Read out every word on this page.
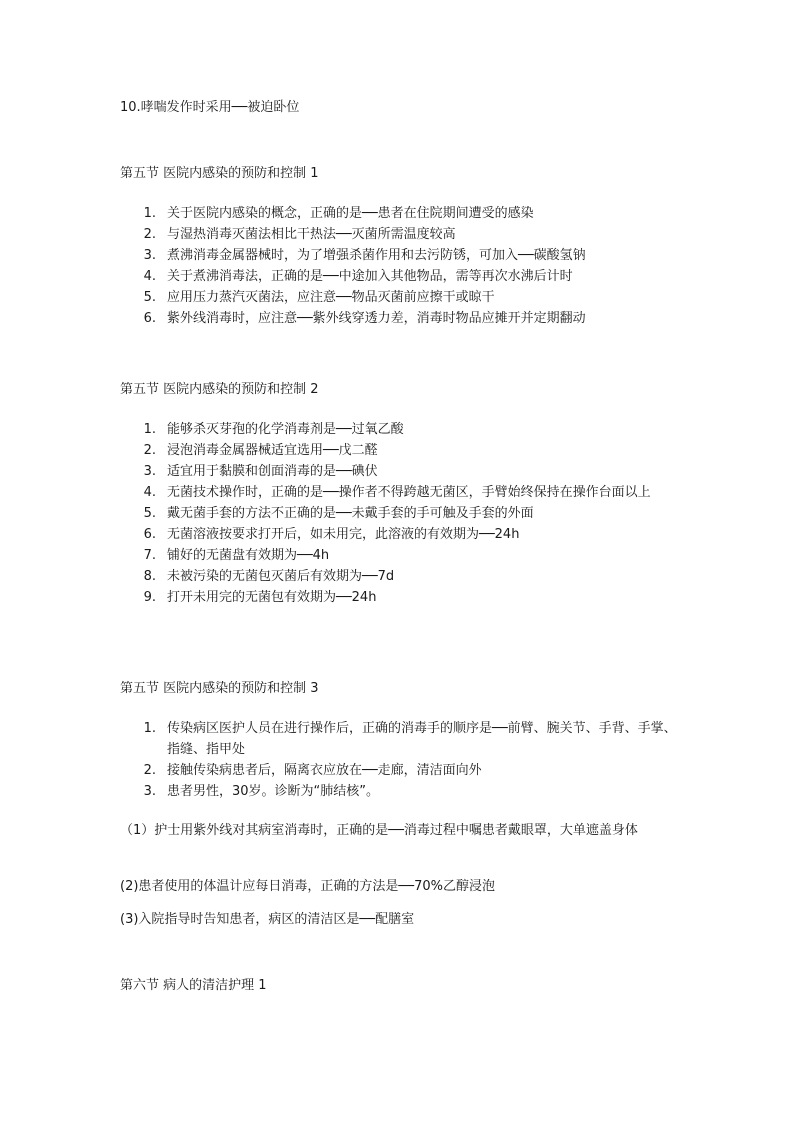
10.哮喘发作时采用──被迫卧位
第五节 医院内感染的预防和控制 1
1. 关于医院内感染的概念，正确的是──患者在住院期间遭受的感染
2. 与湿热消毒灭菌法相比干热法──灭菌所需温度较高
3. 煮沸消毒金属器械时，为了增强杀菌作用和去污防锈，可加入──碳酸氢钠
4. 关于煮沸消毒法，正确的是──中途加入其他物品，需等再次水沸后计时
5. 应用压力蒸汽灭菌法，应注意──物品灭菌前应擦干或晾干
6. 紫外线消毒时，应注意──紫外线穿透力差，消毒时物品应摊开并定期翻动
第五节 医院内感染的预防和控制 2
1. 能够杀灭芽孢的化学消毒剂是──过氧乙酸
2. 浸泡消毒金属器械适宜选用──戊二醛
3. 适宜用于黏膜和创面消毒的是──碘伏
4. 无菌技术操作时，正确的是──操作者不得跨越无菌区，手臂始终保持在操作台面以上
5. 戴无菌手套的方法不正确的是──未戴手套的手可触及手套的外面
6. 无菌溶液按要求打开后，如未用完，此溶液的有效期为──24h
7. 铺好的无菌盘有效期为──4h
8. 未被污染的无菌包灭菌后有效期为──7d
9. 打开未用完的无菌包有效期为──24h
第五节 医院内感染的预防和控制 3
1. 传染病区医护人员在进行操作后，正确的消毒手的顺序是──前臂、腕关节、手背、手掌、指缝、指甲处
2. 接触传染病患者后，隔离衣应放在──走廊，清洁面向外
3. 患者男性，30岁。诊断为“肺结核”。
（1）护士用紫外线对其病室消毒时，正确的是──消毒过程中嘱患者戴眼罩，大单遮盖身体
(2)患者使用的体温计应每日消毒，正确的方法是──70%乙醇浸泡
(3)入院指导时告知患者，病区的清洁区是──配膳室
第六节 病人的清洁护理 1
